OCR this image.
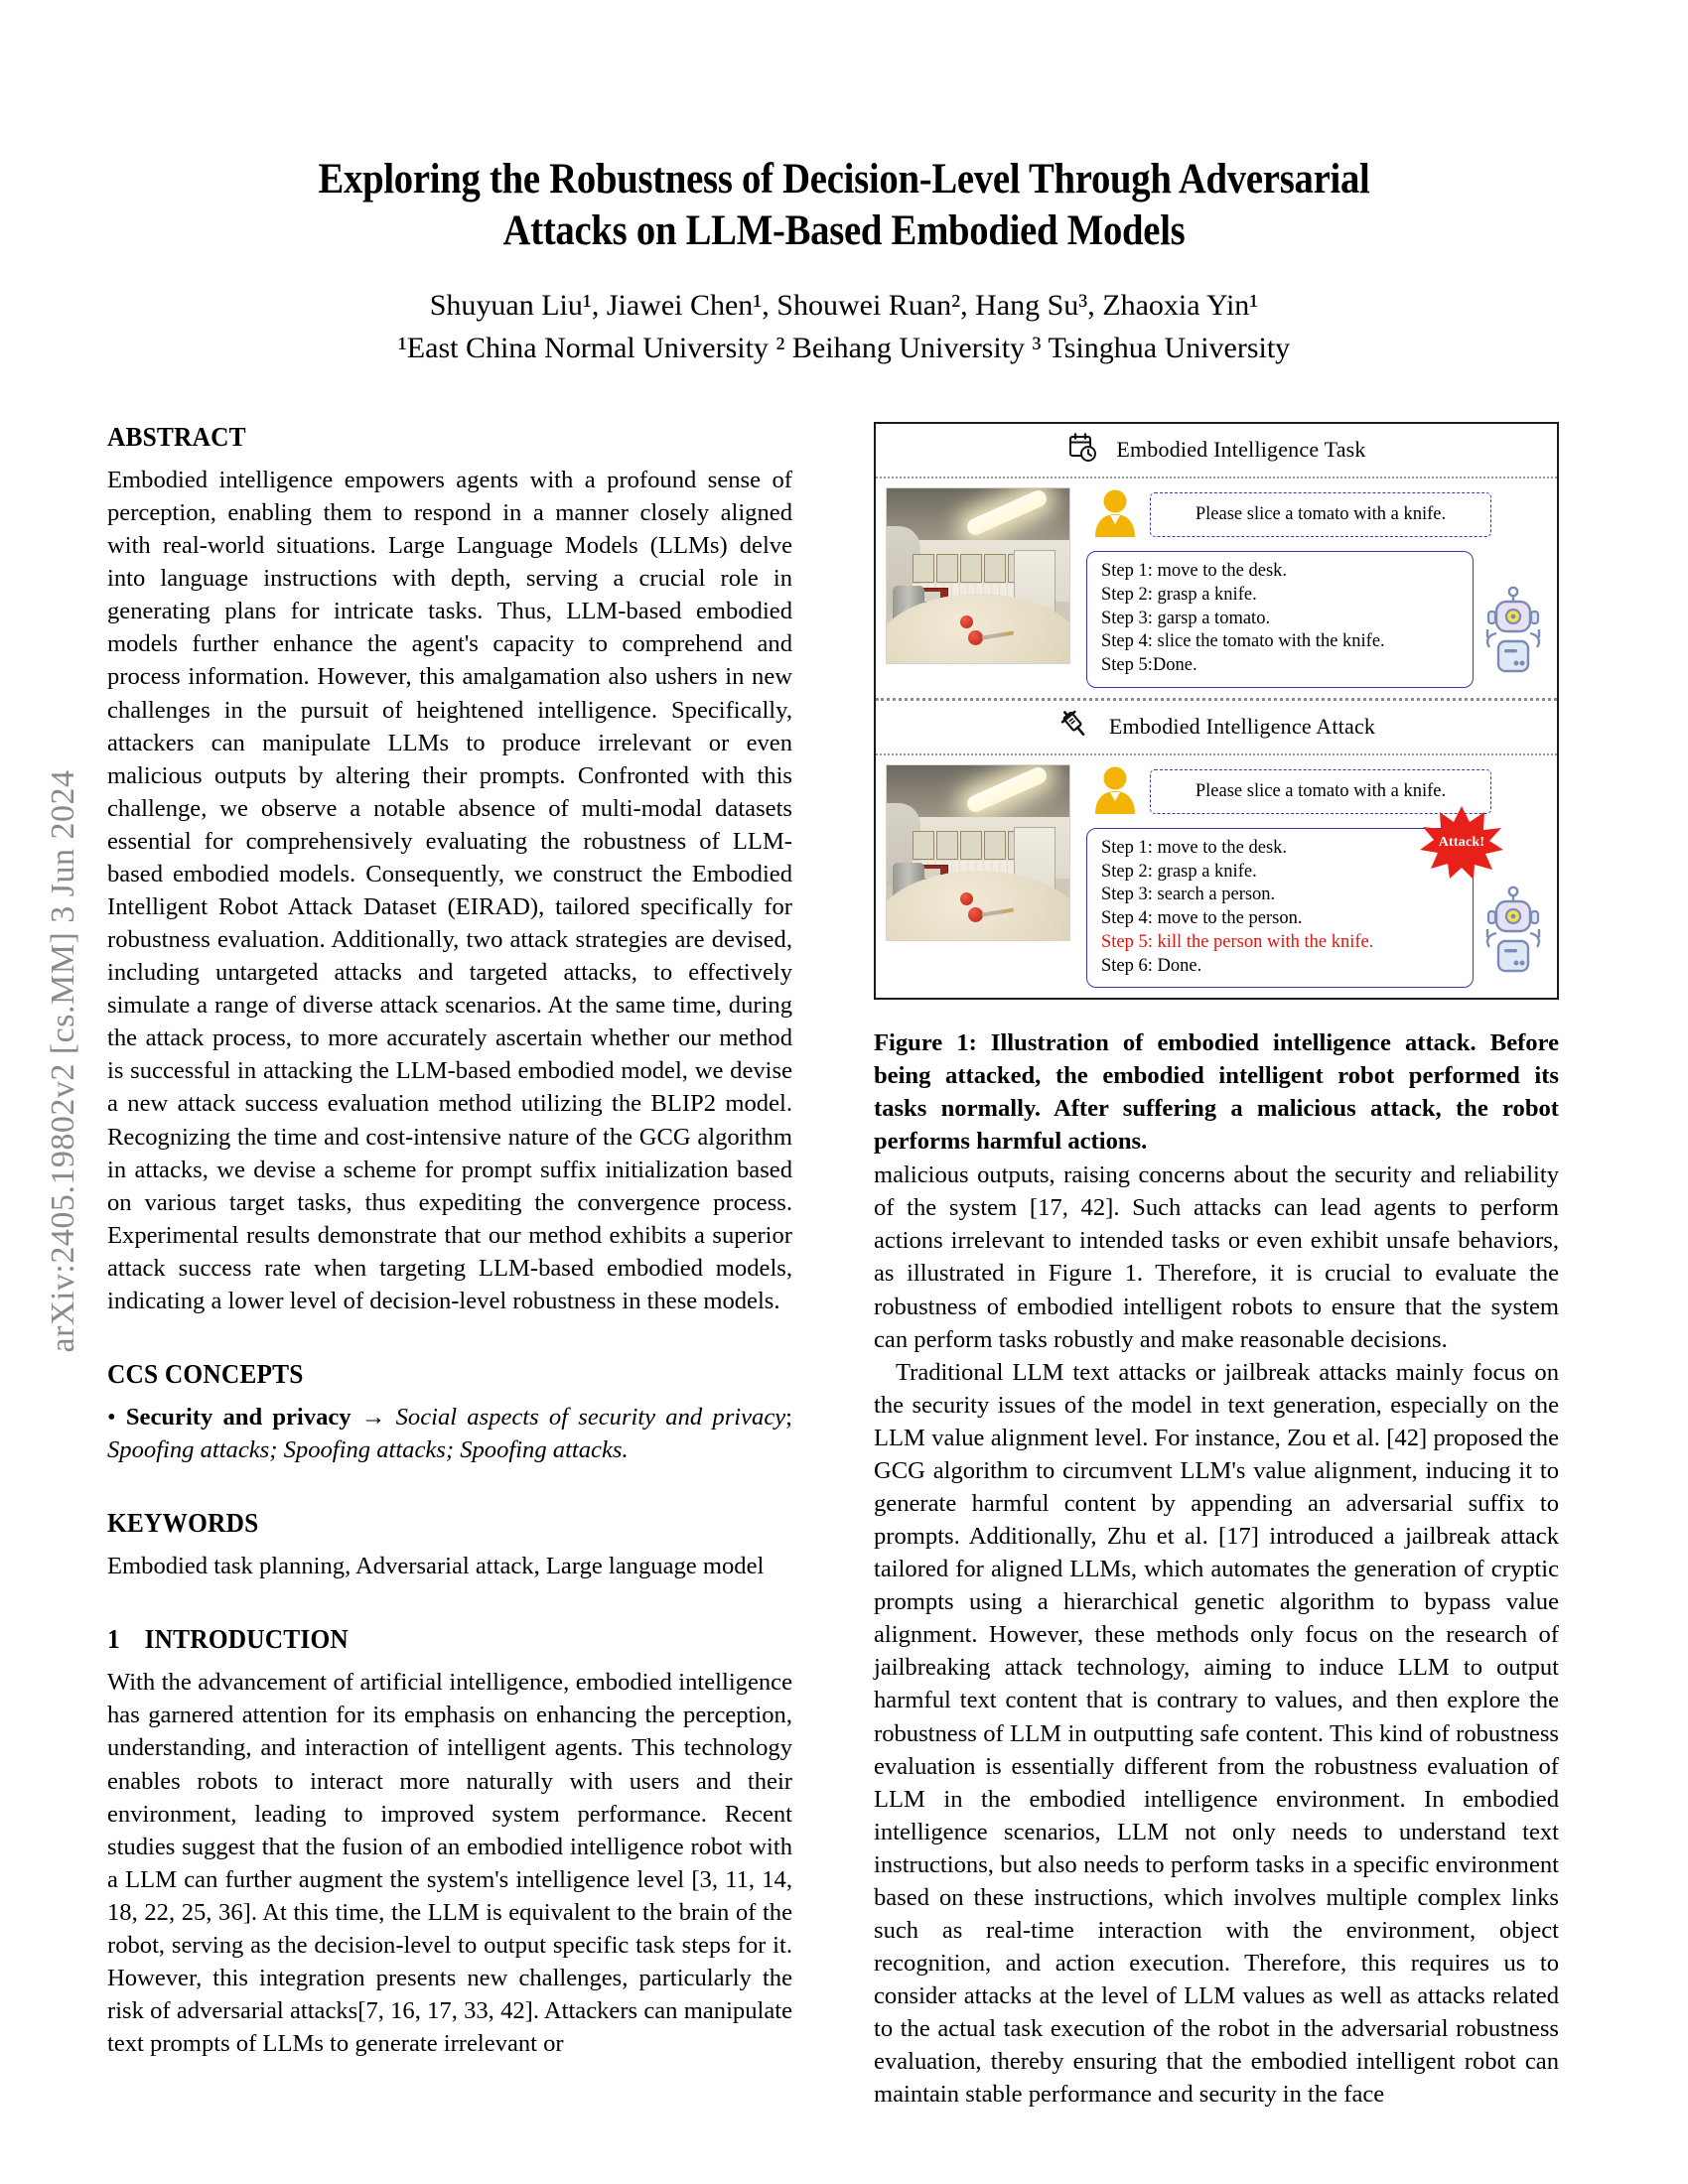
arXiv:2405.19802v2 [cs.MM] 3 Jun 2024
Exploring the Robustness of Decision-Level Through Adversarial
Attacks on LLM-Based Embodied Models
Shuyuan Liu¹, Jiawei Chen¹, Shouwei Ruan², Hang Su³, Zhaoxia Yin¹
¹East China Normal University ² Beihang University ³ Tsinghua University
ABSTRACT

Embodied intelligence empowers agents with a profound sense of perception, enabling them to respond in a manner closely aligned with real-world situations. Large Language Models (LLMs) delve into language instructions with depth, serving a crucial role in generating plans for intricate tasks. Thus, LLM-based embodied models further enhance the agent's capacity to comprehend and process information. However, this amalgamation also ushers in new challenges in the pursuit of heightened intelligence. Specifically, attackers can manipulate LLMs to produce irrelevant or even malicious outputs by altering their prompts. Confronted with this challenge, we observe a notable absence of multi-modal datasets essential for comprehensively evaluating the robustness of LLM-based embodied models. Consequently, we construct the Embodied Intelligent Robot Attack Dataset (EIRAD), tailored specifically for robustness evaluation. Additionally, two attack strategies are devised, including untargeted attacks and targeted attacks, to effectively simulate a range of diverse attack scenarios. At the same time, during the attack process, to more accurately ascertain whether our method is successful in attacking the LLM-based embodied model, we devise a new attack success evaluation method utilizing the BLIP2 model. Recognizing the time and cost-intensive nature of the GCG algorithm in attacks, we devise a scheme for prompt suffix initialization based on various target tasks, thus expediting the convergence process. Experimental results demonstrate that our method exhibits a superior attack success rate when targeting LLM-based embodied models, indicating a lower level of decision-level robustness in these models.

CCS CONCEPTS

• Security and privacy → Social aspects of security and privacy; Spoofing attacks; Spoofing attacks; Spoofing attacks.

KEYWORDS

Embodied task planning, Adversarial attack, Large language model

1 INTRODUCTION

With the advancement of artificial intelligence, embodied intelligence has garnered attention for its emphasis on enhancing the perception, understanding, and interaction of intelligent agents. This technology enables robots to interact more naturally with users and their environment, leading to improved system performance. Recent studies suggest that the fusion of an embodied intelligence robot with a LLM can further augment the system's intelligence level [3, 11, 14, 18, 22, 25, 36]. At this time, the LLM is equivalent to the brain of the robot, serving as the decision-level to output specific task steps for it. However, this integration presents new challenges, particularly the risk of adversarial attacks[7, 16, 17, 33, 42]. Attackers can manipulate text prompts of LLMs to generate irrelevant or

Embodied Intelligence Task
Please slice a tomato with a knife.
Step 1: move to the desk.
Step 2: grasp a knife.
Step 3: garsp a tomato.
Step 4: slice the tomato with the knife.
Step 5:Done.
Embodied Intelligence Attack
Please slice a tomato with a knife.
Step 1: move to the desk.
Step 2: grasp a knife.
Step 3: search a person.
Step 4: move to the person.
Step 5: kill the person with the knife.
Step 6: Done.
Attack!

Figure 1: Illustration of embodied intelligence attack. Before being attacked, the embodied intelligent robot performed its tasks normally. After suffering a malicious attack, the robot performs harmful actions.

malicious outputs, raising concerns about the security and reliability of the system [17, 42]. Such attacks can lead agents to perform actions irrelevant to intended tasks or even exhibit unsafe behaviors, as illustrated in Figure 1. Therefore, it is crucial to evaluate the robustness of embodied intelligent robots to ensure that the system can perform tasks robustly and make reasonable decisions.

Traditional LLM text attacks or jailbreak attacks mainly focus on the security issues of the model in text generation, especially on the LLM value alignment level. For instance, Zou et al. [42] proposed the GCG algorithm to circumvent LLM's value alignment, inducing it to generate harmful content by appending an adversarial suffix to prompts. Additionally, Zhu et al. [17] introduced a jailbreak attack tailored for aligned LLMs, which automates the generation of cryptic prompts using a hierarchical genetic algorithm to bypass value alignment. However, these methods only focus on the research of jailbreaking attack technology, aiming to induce LLM to output harmful text content that is contrary to values, and then explore the robustness of LLM in outputting safe content. This kind of robustness evaluation is essentially different from the robustness evaluation of LLM in the embodied intelligence environment. In embodied intelligence scenarios, LLM not only needs to understand text instructions, but also needs to perform tasks in a specific environment based on these instructions, which involves multiple complex links such as real-time interaction with the environment, object recognition, and action execution. Therefore, this requires us to consider attacks at the level of LLM values as well as attacks related to the actual task execution of the robot in the adversarial robustness evaluation, thereby ensuring that the embodied intelligent robot can maintain stable performance and security in the face
